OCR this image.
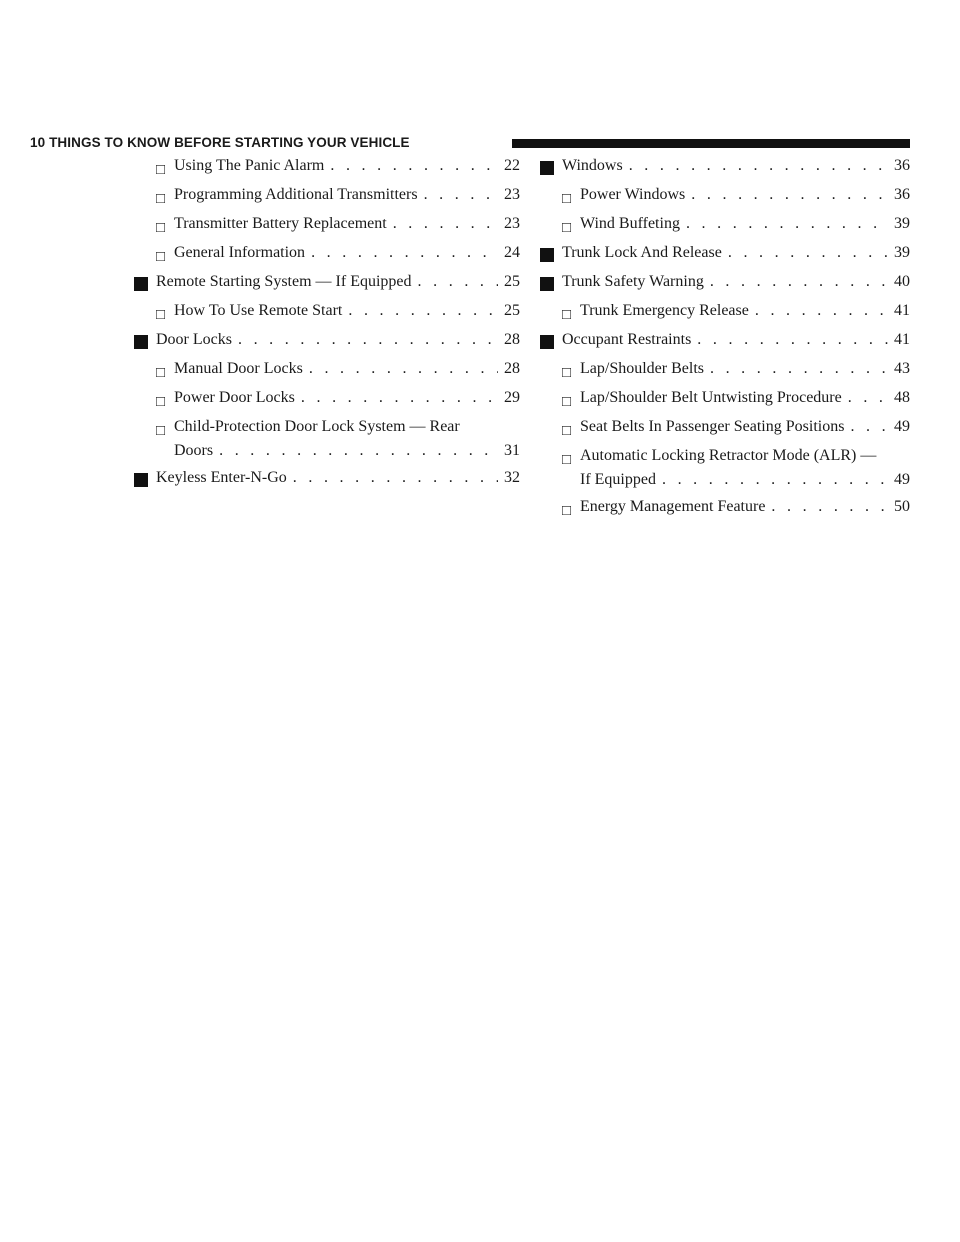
10 THINGS TO KNOW BEFORE STARTING YOUR VEHICLE
□ Using The Panic Alarm . . .	22
□ Programming Additional Transmitters . . .	23
□ Transmitter Battery Replacement . . .	23
□ General Information . . .	24
Remote Starting System — If Equipped . . .	25
□ How To Use Remote Start . . .	25
Door Locks . . .	28
□ Manual Door Locks . . .	28
□ Power Door Locks . . .	29
□ Child-Protection Door Lock System — Rear
Doors . . .	31
Keyless Enter-N-Go . . .	32
Windows . . .	36
□ Power Windows . . .	36
□ Wind Buffeting . . .	39
Trunk Lock And Release . . .	39
Trunk Safety Warning . . .	40
□ Trunk Emergency Release . . .	41
Occupant Restraints . . .	41
□ Lap/Shoulder Belts . . .	43
□ Lap/Shoulder Belt Untwisting Procedure . . .	48
□ Seat Belts In Passenger Seating Positions . . .	49
□ Automatic Locking Retractor Mode (ALR) —
If Equipped . . .	49
□ Energy Management Feature . . .	50
